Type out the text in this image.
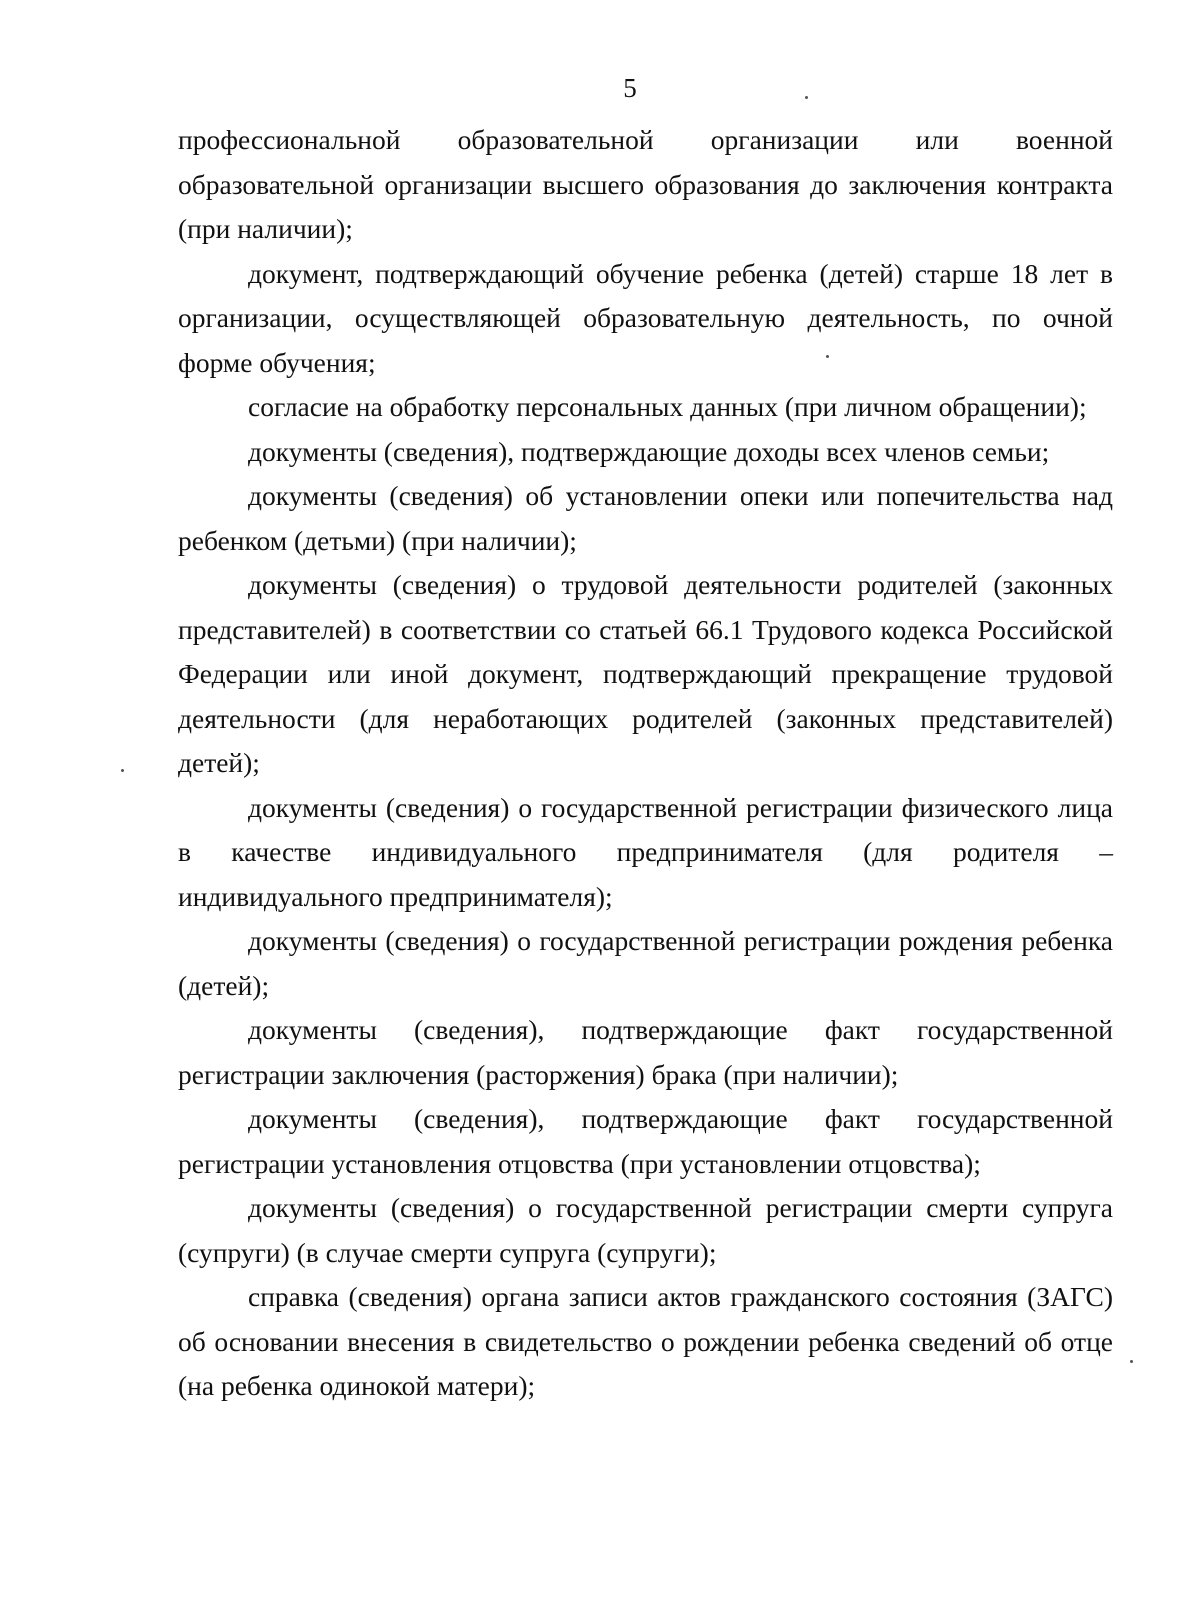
5

профессиональной образовательной организации или военной образовательной организации высшего образования до заключения контракта (при наличии);

документ, подтверждающий обучение ребенка (детей) старше 18 лет в организации, осуществляющей образовательную деятельность, по очной форме обучения;

согласие на обработку персональных данных (при личном обращении);

документы (сведения), подтверждающие доходы всех членов семьи;

документы (сведения) об установлении опеки или попечительства над ребенком (детьми) (при наличии);

документы (сведения) о трудовой деятельности родителей (законных представителей) в соответствии со статьей 66.1 Трудового кодекса Российской Федерации или иной документ, подтверждающий прекращение трудовой деятельности (для неработающих родителей (законных представителей) детей);

документы (сведения) о государственной регистрации физического лица в качестве индивидуального предпринимателя (для родителя – индивидуального предпринимателя);

документы (сведения) о государственной регистрации рождения ребенка (детей);

документы (сведения), подтверждающие факт государственной регистрации заключения (расторжения) брака (при наличии);

документы (сведения), подтверждающие факт государственной регистрации установления отцовства (при установлении отцовства);

документы (сведения) о государственной регистрации смерти супруга (супруги) (в случае смерти супруга (супруги);

справка (сведения) органа записи актов гражданского состояния (ЗАГС) об основании внесения в свидетельство о рождении ребенка сведений об отце (на ребенка одинокой матери);
